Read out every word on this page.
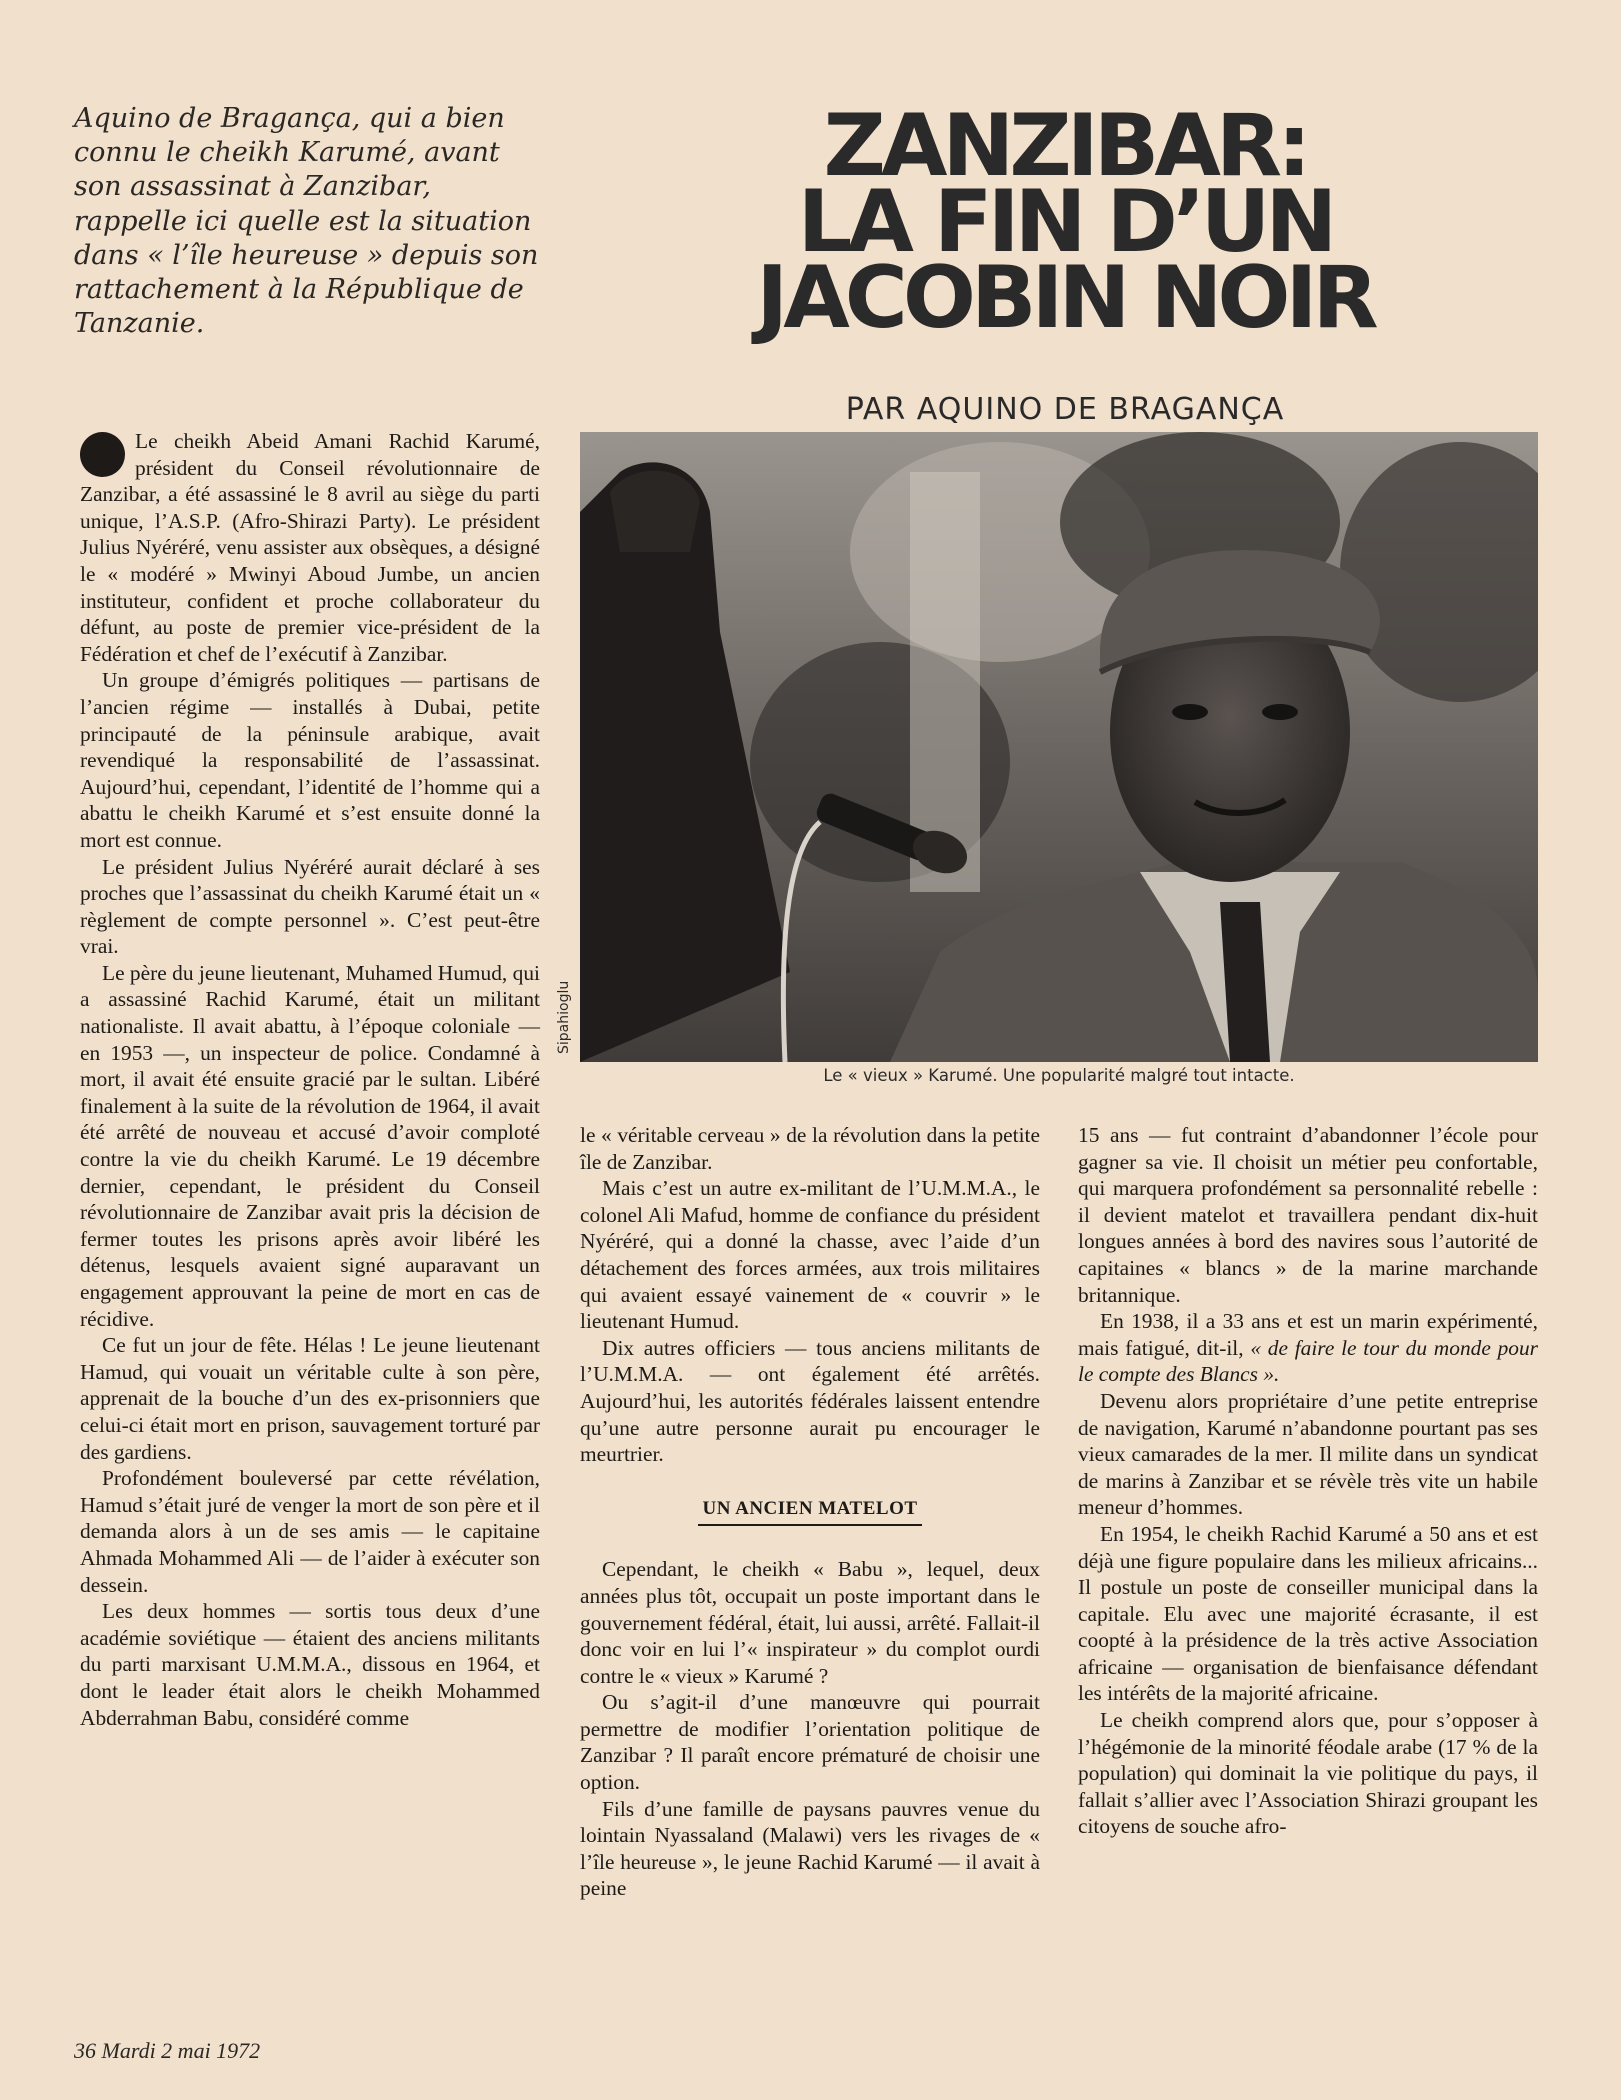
Aquino de Bragança, qui a bien connu le cheikh Karumé, avant son assassinat à Zanzibar, rappelle ici quelle est la situation dans « l’île heureuse » depuis son rattachement à la République de Tanzanie.
ZANZIBAR:
LA FIN D’UN
JACOBIN NOIR
PAR AQUINO DE BRAGANÇA
Sipahioglu
Le « vieux » Karumé. Une popularité malgré tout intacte.

Le cheikh Abeid Amani Rachid Karumé, président du Conseil révolutionnaire de Zanzibar, a été assassiné le 8 avril au siège du parti unique, l’A.S.P. (Afro-Shirazi Party). Le président Julius Nyéréré, venu assister aux obsèques, a désigné le « modéré » Mwinyi Aboud Jumbe, un ancien instituteur, confident et proche collaborateur du défunt, au poste de premier vice-président de la Fédération et chef de l’exécutif à Zanzibar.

Un groupe d’émigrés politiques — partisans de l’ancien régime — installés à Dubai, petite principauté de la péninsule arabique, avait revendiqué la responsabilité de l’assassinat. Aujourd’hui, cependant, l’identité de l’homme qui a abattu le cheikh Karumé et s’est ensuite donné la mort est connue.

Le président Julius Nyéréré aurait déclaré à ses proches que l’assassinat du cheikh Karumé était un « règlement de compte personnel ». C’est peut-être vrai.

Le père du jeune lieutenant, Muhamed Humud, qui a assassiné Rachid Karumé, était un militant nationaliste. Il avait abattu, à l’époque coloniale — en 1953 —, un inspecteur de police. Condamné à mort, il avait été ensuite gracié par le sultan. Libéré finalement à la suite de la révolution de 1964, il avait été arrêté de nouveau et accusé d’avoir comploté contre la vie du cheikh Karumé. Le 19 décembre dernier, cependant, le président du Conseil révolutionnaire de Zanzibar avait pris la décision de fermer toutes les prisons après avoir libéré les détenus, lesquels avaient signé auparavant un engagement approuvant la peine de mort en cas de récidive.

Ce fut un jour de fête. Hélas ! Le jeune lieutenant Hamud, qui vouait un véritable culte à son père, apprenait de la bouche d’un des ex-prisonniers que celui-ci était mort en prison, sauvagement torturé par des gardiens.

Profondément bouleversé par cette révélation, Hamud s’était juré de venger la mort de son père et il demanda alors à un de ses amis — le capitaine Ahmada Mohammed Ali — de l’aider à exécuter son dessein.

Les deux hommes — sortis tous deux d’une académie soviétique — étaient des anciens militants du parti marxisant U.M.M.A., dissous en 1964, et dont le leader était alors le cheikh Mohammed Abderrahman Babu, considéré comme

le « véritable cerveau » de la révolution dans la petite île de Zanzibar.

Mais c’est un autre ex-militant de l’U.M.M.A., le colonel Ali Mafud, homme de confiance du président Nyéréré, qui a donné la chasse, avec l’aide d’un détachement des forces armées, aux trois militaires qui avaient essayé vainement de « couvrir » le lieutenant Humud.

Dix autres officiers — tous anciens militants de l’U.M.M.A. — ont également été arrêtés. Aujourd’hui, les autorités fédérales laissent entendre qu’une autre personne aurait pu encourager le meurtrier.

UN ANCIEN MATELOT

Cependant, le cheikh « Babu », lequel, deux années plus tôt, occupait un poste important dans le gouvernement fédéral, était, lui aussi, arrêté. Fallait-il donc voir en lui l’« inspirateur » du complot ourdi contre le « vieux » Karumé ?

Ou s’agit-il d’une manœuvre qui pourrait permettre de modifier l’orientation politique de Zanzibar ? Il paraît encore prématuré de choisir une option.

Fils d’une famille de paysans pauvres venue du lointain Nyassaland (Malawi) vers les rivages de « l’île heureuse », le jeune Rachid Karumé — il avait à peine

15 ans — fut contraint d’abandonner l’école pour gagner sa vie. Il choisit un métier peu confortable, qui marquera profondément sa personnalité rebelle : il devient matelot et travaillera pendant dix-huit longues années à bord des navires sous l’autorité de capitaines « blancs » de la marine marchande britannique.

En 1938, il a 33 ans et est un marin expérimenté, mais fatigué, dit-il, « de faire le tour du monde pour le compte des Blancs ».

Devenu alors propriétaire d’une petite entreprise de navigation, Karumé n’abandonne pourtant pas ses vieux camarades de la mer. Il milite dans un syndicat de marins à Zanzibar et se révèle très vite un habile meneur d’hommes.

En 1954, le cheikh Rachid Karumé a 50 ans et est déjà une figure populaire dans les milieux africains... Il postule un poste de conseiller municipal dans la capitale. Elu avec une majorité écrasante, il est coopté à la présidence de la très active Association africaine — organisation de bienfaisance défendant les intérêts de la majorité africaine.

Le cheikh comprend alors que, pour s’opposer à l’hégémonie de la minorité féodale arabe (17 % de la population) qui dominait la vie politique du pays, il fallait s’allier avec l’Association Shirazi groupant les citoyens de souche afro-

36 Mardi 2 mai 1972
